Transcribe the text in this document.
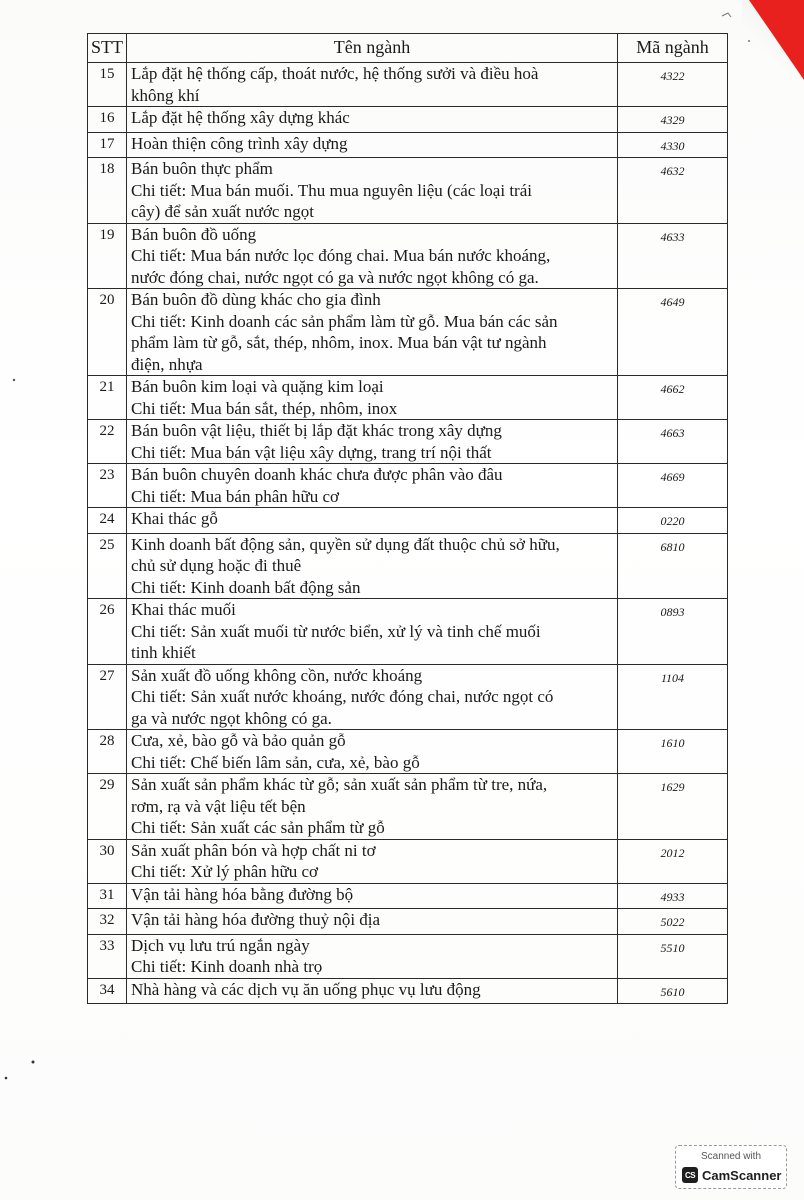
STT	Tên ngành	Mã ngành
15	Lắp đặt hệ thống cấp, thoát nước, hệ thống sưởi và điều hoà
không khí	4322
16	Lắp đặt hệ thống xây dựng khác	4329
17	Hoàn thiện công trình xây dựng	4330
18	Bán buôn thực phẩm
Chi tiết: Mua bán muối. Thu mua nguyên liệu (các loại trái
cây) để sản xuất nước ngọt	4632
19	Bán buôn đồ uống
Chi tiết: Mua bán nước lọc đóng chai. Mua bán nước khoáng,
nước đóng chai, nước ngọt có ga và nước ngọt không có ga.	4633
20	Bán buôn đồ dùng khác cho gia đình
Chi tiết: Kinh doanh các sản phẩm làm từ gỗ. Mua bán các sản
phẩm làm từ gỗ, sắt, thép, nhôm, inox. Mua bán vật tư ngành
điện, nhựa	4649
21	Bán buôn kim loại và quặng kim loại
Chi tiết: Mua bán sắt, thép, nhôm, inox	4662
22	Bán buôn vật liệu, thiết bị lắp đặt khác trong xây dựng
Chi tiết: Mua bán vật liệu xây dựng, trang trí nội thất	4663
23	Bán buôn chuyên doanh khác chưa được phân vào đâu
Chi tiết: Mua bán phân hữu cơ	4669
24	Khai thác gỗ	0220
25	Kinh doanh bất động sản, quyền sử dụng đất thuộc chủ sở hữu,
chủ sử dụng hoặc đi thuê
Chi tiết: Kinh doanh bất động sản	6810
26	Khai thác muối
Chi tiết: Sản xuất muối từ nước biển, xử lý và tinh chế muối
tinh khiết	0893
27	Sản xuất đồ uống không cồn, nước khoáng
Chi tiết: Sản xuất nước khoáng, nước đóng chai, nước ngọt có
ga và nước ngọt không có ga.	1104
28	Cưa, xẻ, bào gỗ và bảo quản gỗ
Chi tiết: Chế biến lâm sản, cưa, xẻ, bào gỗ	1610
29	Sản xuất sản phẩm khác từ gỗ; sản xuất sản phẩm từ tre, nứa,
rơm, rạ và vật liệu tết bện
Chi tiết: Sản xuất các sản phẩm từ gỗ	1629
30	Sản xuất phân bón và hợp chất ni tơ
Chi tiết: Xử lý phân hữu cơ	2012
31	Vận tải hàng hóa bằng đường bộ	4933
32	Vận tải hàng hóa đường thuỷ nội địa	5022
33	Dịch vụ lưu trú ngắn ngày
Chi tiết: Kinh doanh nhà trọ	5510
34	Nhà hàng và các dịch vụ ăn uống phục vụ lưu động	5610
Scanned with
CS CamScanner
